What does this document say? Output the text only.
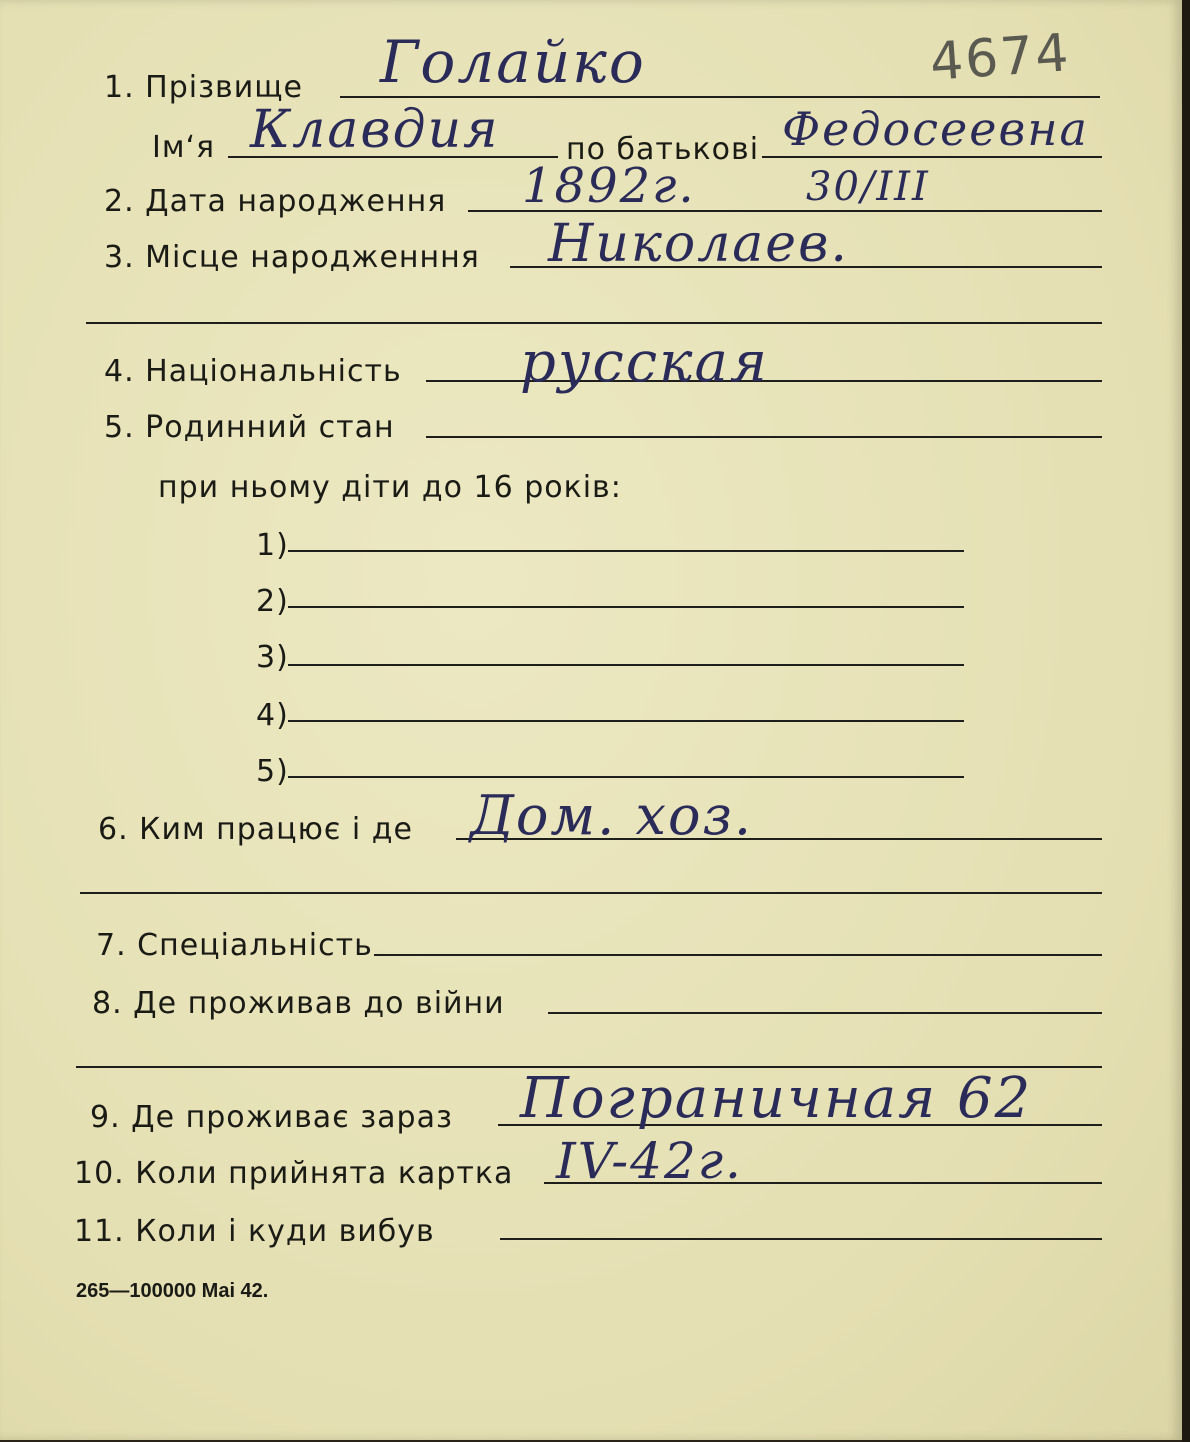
4674
1. Прізвище Голайко
Ім‘я Клавдия по батькові Федосеевна
2. Дата народження 1892г.	30/III
3. Місце народженння Николаев.
4. Національність русская
5. Родинний стан
при ньому діти до 16 років:
1)
2)
3)
4)
5)
6. Ким працює і де Дом. хоз.
7. Спеціальність
8. Де проживав до війни
9. Де проживає зараз Пограничная 62
10. Коли прийнята картка IV-42г.
11. Коли і куди вибув
265—100000 Mai 42.
